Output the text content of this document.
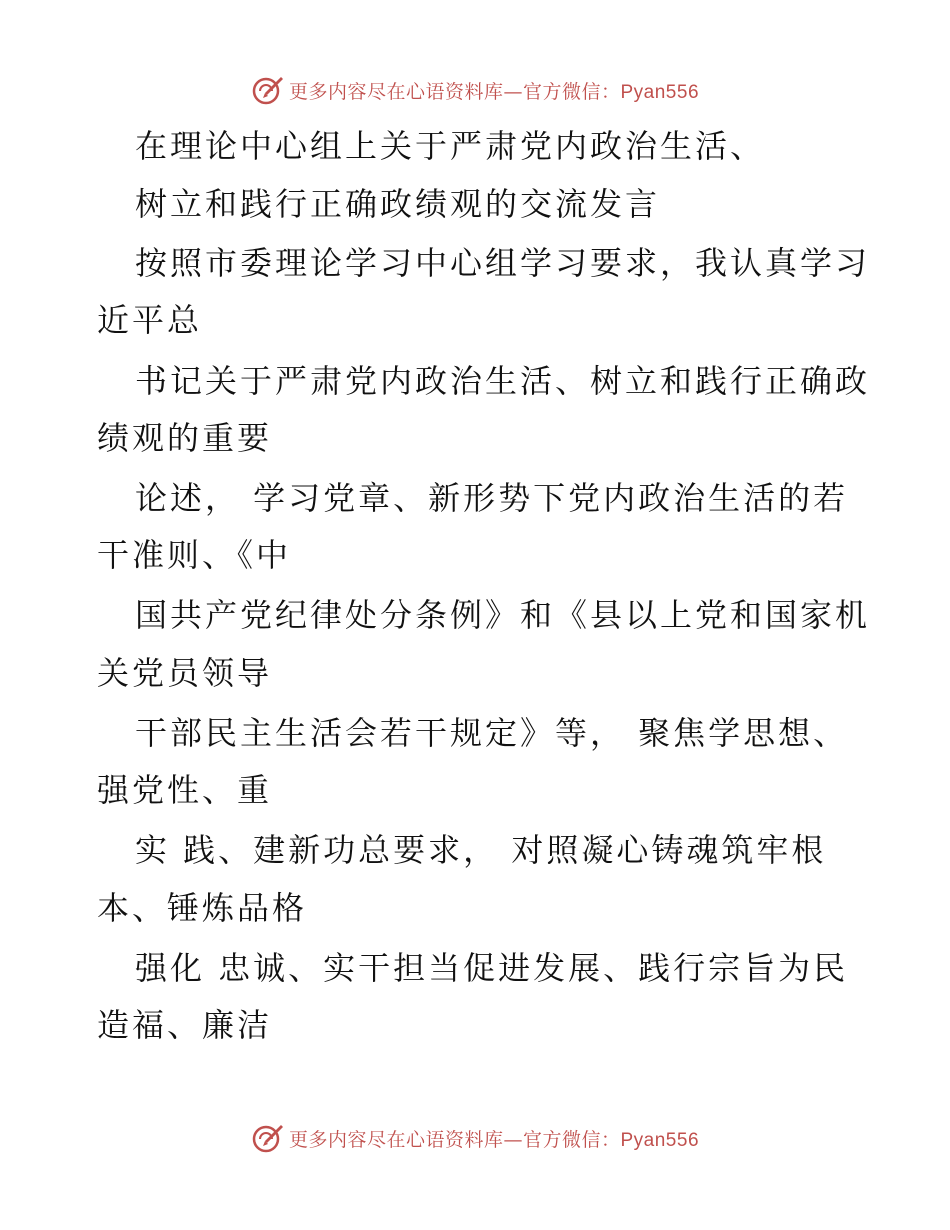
更多内容尽在心语资料库—官方微信：Pyan556
在理论中心组上关于严肃党内政治生活、
树立和践行正确政绩观的交流发言
按照市委理论学习中心组学习要求，我认真学习
近平总
书记关于严肃党内政治生活、树立和践行正确政
绩观的重要
论述， 学习党章、新形势下党内政治生活的若
干准则、《中
国共产党纪律处分条例》和《县以上党和国家机
关党员领导
干部民主生活会若干规定》等， 聚焦学思想、
强党性、重
实 践、建新功总要求， 对照凝心铸魂筑牢根
本、锤炼品格
强化 忠诚、实干担当促进发展、践行宗旨为民
造福、廉洁
更多内容尽在心语资料库—官方微信：Pyan556
